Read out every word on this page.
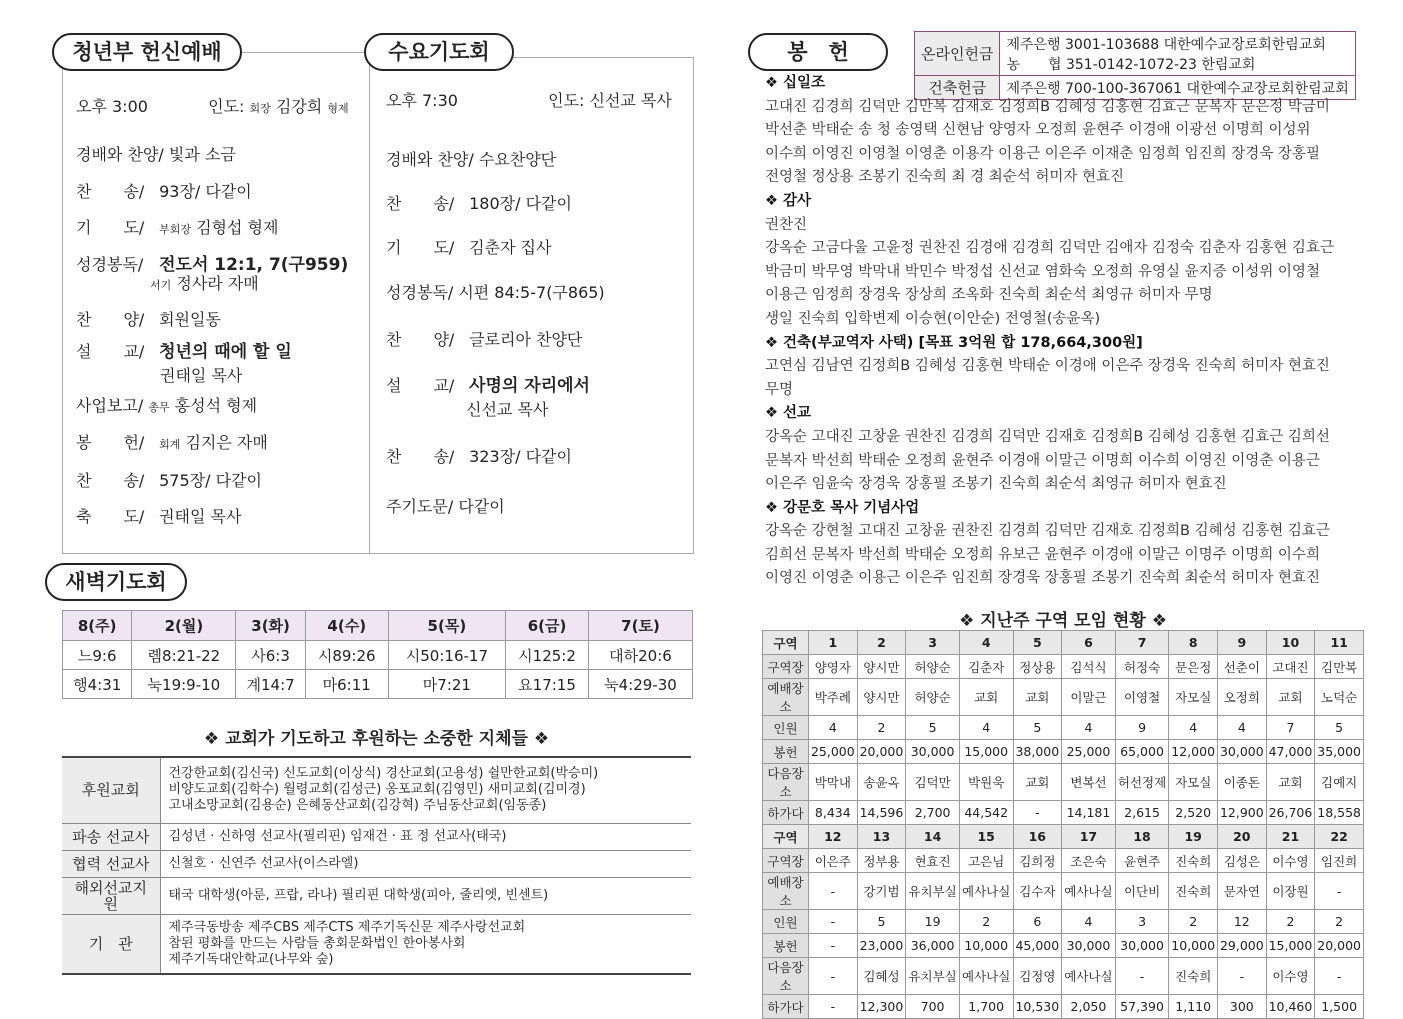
청년부 헌신예배
오후 3:00	인도: 회장 김강희 형제
경배와 찬양/ 빛과 소금
찬　　송/ 93장/ 다같이
기　　도/ 부회장 김형섭 형제
성경봉독/ 전도서 12:1, 7(구959)
서기 정사라 자매
찬　　양/ 회원일동
설　　교/ 청년의 때에 할 일
권태일 목사
사업보고/ 총무 홍성석 형제
봉　　헌/ 회계 김지은 자매
찬　　송/ 575장/ 다같이
축　　도/ 권태일 목사
수요기도회
오후 7:30	인도: 신선교 목사
경배와 찬양/ 수요찬양단
찬　　송/ 180장/ 다같이
기　　도/ 김춘자 집사
성경봉독/ 시편 84:5-7(구865)
찬　　양/ 글로리아 찬양단
설　　교/ 사명의 자리에서
신선교 목사
찬　　송/ 323장/ 다같이
주기도문/ 다같이
새벽기도회
8(주)	2(월)	3(화)	4(수)	5(목)	6(금)	7(토)
느9:6	롐8:21-22	사6:3	시89:26	시50:16-17	시125:2	대하20:6
행4:31	눅19:9-10	계14:7	마6:11	마7:21	요17:15	눅4:29-30
❖ 교회가 기도하고 후원하는 소중한 지체들 ❖
후원교회	건강한교회(김신국) 신도교회(이상식) 경산교회(고용성) 쉴만한교회(박승미)
비양도교회(김학수) 월령교회(김성근) 옹포교회(김영민) 새미교회(김미경)
고내소망교회(김용순) 은혜동산교회(김강혁) 주님동산교회(임동종)

파송 선교사	김성년 · 신하영 선교사(필리핀) 임재건 · 표 정 선교사(태국)
협력 선교사	신철호 · 신연주 선교사(이스라엘)
해외선교지원	태국 대학생(아룬, 프랍, 라나) 필리핀 대학생(피아, 줄리엣, 빈센트)
기　관	제주극동방송 제주CBS 제주CTS 제주기독신문 제주사랑선교회
참된 평화를 만드는 사람들 총회문화법인 한아봉사회
제주기독대안학교(나무와 숲)
봉　헌	온라인헌금	제주은행 3001-103688 대한예수교장로회한림교회
농　　협 351-0142-1072-23 한림교회

건축헌금	제주은행 700-100-367061 대한예수교장로회한림교회
❖ 십일조
고대진 김경희 김덕만 김만복 김재호 김정희B 김혜성 김홍현 김효근 문복자 문은정 박금미
박선춘 박태순 송 청 송영택 신현남 양영자 오정희 윤현주 이경애 이광선 이명희 이성위
이수희 이영진 이영철 이영춘 이용각 이용근 이은주 이재춘 임정희 임진희 장경욱 장홍필
전영철 정상용 조봉기 진숙희 최 경 최순석 허미자 현효진
❖ 감사
권찬진
강옥순 고금다울 고윤정 권찬진 김경애 김경희 김덕만 김애자 김정숙 김춘자 김홍현 김효근
박금미 박무영 박막내 박민수 박정섭 신선교 염화숙 오정희 유영실 윤지증 이성위 이영철
이용근 임정희 장경욱 장상희 조옥화 진숙희 최순석 최영규 허미자 무명
생일 진숙희 입학변제 이승현(이안순) 전영철(송윤옥)
❖ 건축(부교역자 사택) [목표 3억원 합 178,664,300원]
고연심 김남연 김정희B 김혜성 김홍현 박태순 이경애 이은주 장경욱 진숙희 허미자 현효진
무명
❖ 선교
강옥순 고대진 고창윤 권찬진 김경희 김덕만 김재호 김정희B 김혜성 김홍현 김효근 김희선
문복자 박선희 박태순 오정희 윤현주 이경애 이말근 이명희 이수희 이영진 이영춘 이용근
이은주 임윤숙 장경욱 장홍필 조봉기 진숙희 최순석 최영규 허미자 현효진
❖ 강문호 목사 기념사업
강옥순 강현철 고대진 고창윤 권찬진 김경희 김덕만 김재호 김정희B 김혜성 김홍현 김효근
김희선 문복자 박선희 박태순 오정희 유보근 윤현주 이경애 이말근 이명주 이명희 이수희
이영진 이영춘 이용근 이은주 임진희 장경욱 장홍필 조봉기 진숙희 최순석 허미자 현효진
❖ 지난주 구역 모임 현황 ❖
구역	1	2	3	4	5	6	7	8	9	10	11
구역장	양영자	양시만	허양순	김춘자	정상용	김석식	허정숙	문은정	선춘이	고대진	김만복
예배장소	박주례	양시만	허양순	교회	교회	이말근	이영철	자모실	오정희	교회	노덕순
인원	4	2	5	4	5	4	9	4	4	7	5
봉헌	25,000	20,000	30,000	15,000	38,000	25,000	65,000	12,000	30,000	47,000	35,000
다음장소	박막내	송윤옥	김덕만	박원욱	교회	변복선	허선정제	자모실	이종돈	교회	김예지
하가다	8,434	14,596	2,700	44,542	-	14,181	2,615	2,520	12,900	26,706	18,558
구역	12	13	14	15	16	17	18	19	20	21	22
구역장	이은주	정부용	현효진	고은님	김희정	조은숙	윤현주	진숙희	김성은	이수영	임진희
예배장소	-	강기범	유치부실	예사나실	김수자	예사나실	이단비	진숙희	문자연	이장원	-
인원	-	5	19	2	6	4	3	2	12	2	2
봉헌	-	23,000	36,000	10,000	45,000	30,000	30,000	10,000	29,000	15,000	20,000
다음장소	-	김혜성	유치부실	예사나실	김정영	예사나실	-	진숙희	-	이수영	-
하가다	-	12,300	700	1,700	10,530	2,050	57,390	1,110	300	10,460	1,500
